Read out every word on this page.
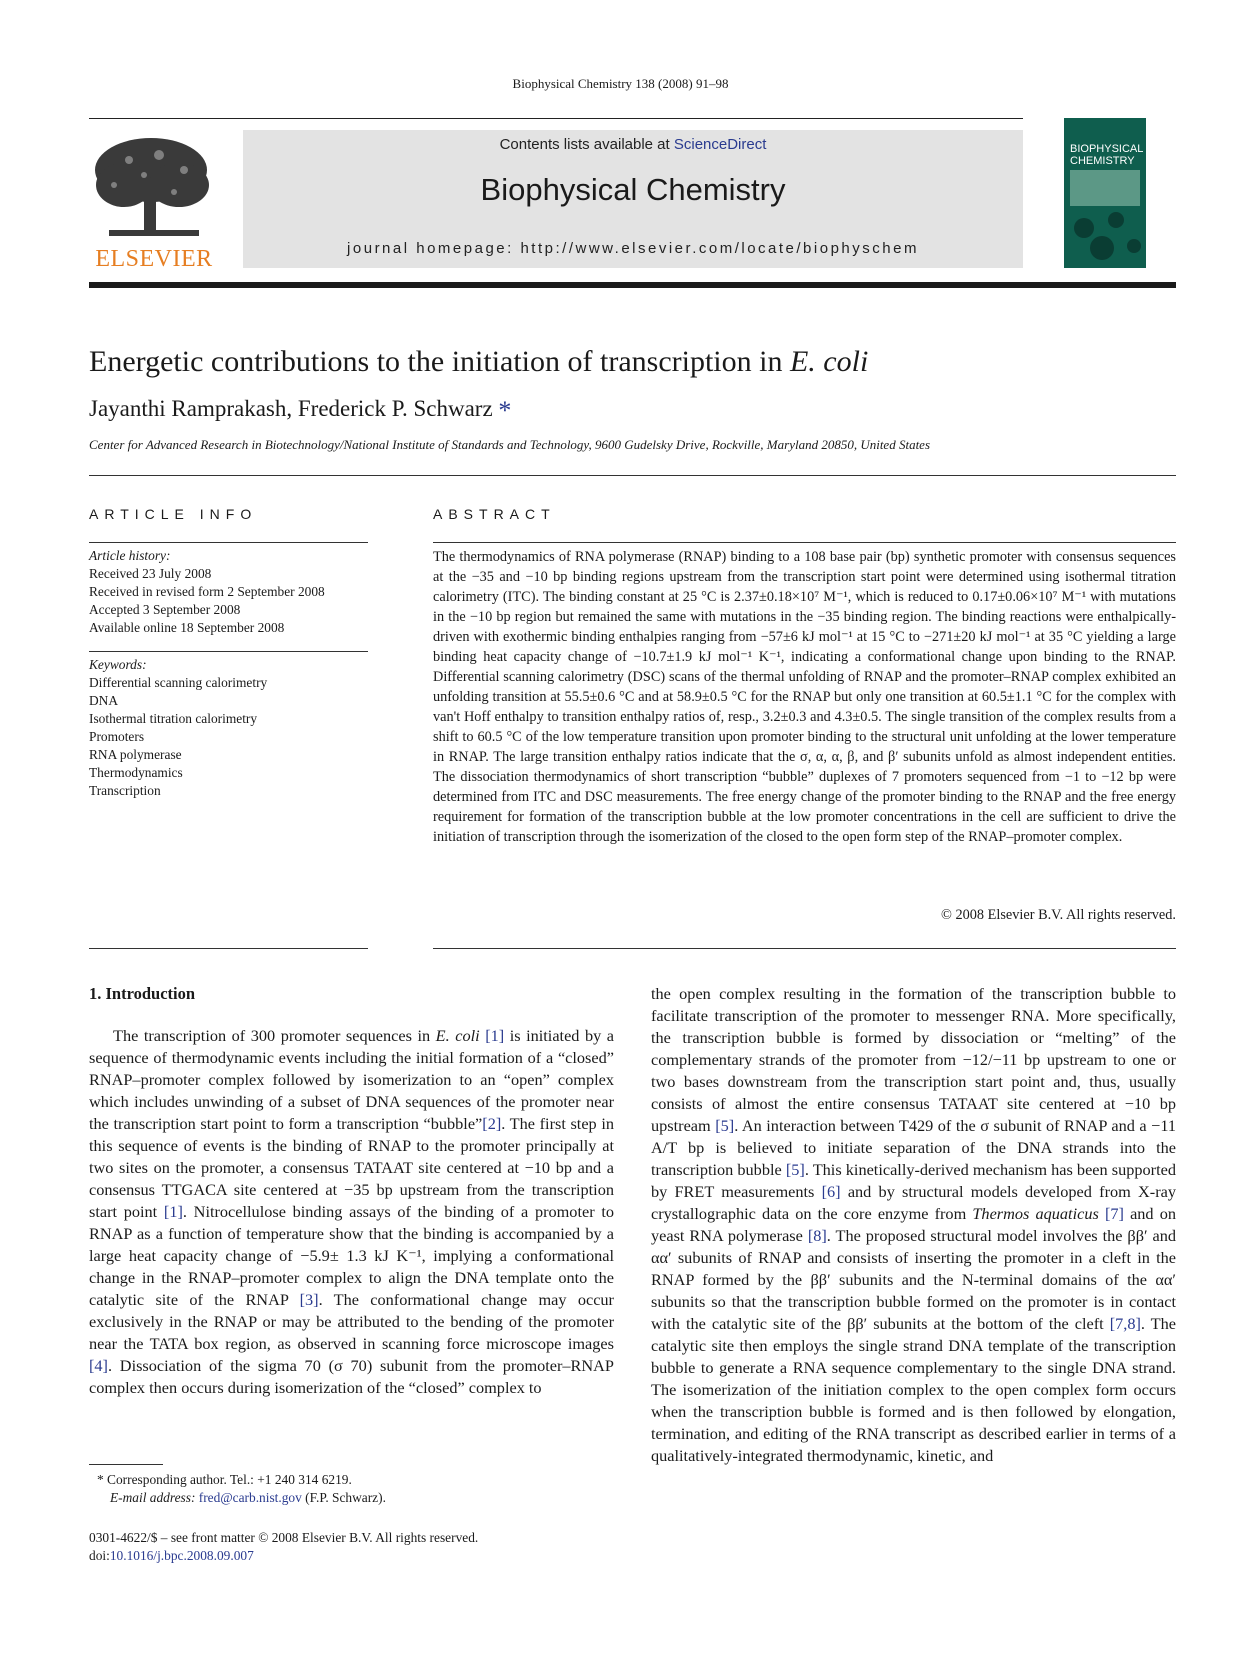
Biophysical Chemistry 138 (2008) 91–98
ELSEVIER
Contents lists available at ScienceDirect
Biophysical Chemistry
journal homepage: http://www.elsevier.com/locate/biophyschem
BIOPHYSICAL CHEMISTRY
Energetic contributions to the initiation of transcription in E. coli
Jayanthi Ramprakash, Frederick P. Schwarz *
Center for Advanced Research in Biotechnology/National Institute of Standards and Technology, 9600 Gudelsky Drive, Rockville, Maryland 20850, United States
ARTICLE INFO	ABSTRACT
Article history:
Received 23 July 2008
Received in revised form 2 September 2008
Accepted 3 September 2008
Available online 18 September 2008
Keywords:
Differential scanning calorimetry
DNA
Isothermal titration calorimetry
Promoters
RNA polymerase
Thermodynamics
Transcription
The thermodynamics of RNA polymerase (RNAP) binding to a 108 base pair (bp) synthetic promoter with consensus sequences at the −35 and −10 bp binding regions upstream from the transcription start point were determined using isothermal titration calorimetry (ITC). The binding constant at 25 °C is 2.37±0.18×10⁷ M⁻¹, which is reduced to 0.17±0.06×10⁷ M⁻¹ with mutations in the −10 bp region but remained the same with mutations in the −35 binding region. The binding reactions were enthalpically-driven with exothermic binding enthalpies ranging from −57±6 kJ mol⁻¹ at 15 °C to −271±20 kJ mol⁻¹ at 35 °C yielding a large binding heat capacity change of −10.7±1.9 kJ mol⁻¹ K⁻¹, indicating a conformational change upon binding to the RNAP. Differential scanning calorimetry (DSC) scans of the thermal unfolding of RNAP and the promoter–RNAP complex exhibited an unfolding transition at 55.5±0.6 °C and at 58.9±0.5 °C for the RNAP but only one transition at 60.5±1.1 °C for the complex with van't Hoff enthalpy to transition enthalpy ratios of, resp., 3.2±0.3 and 4.3±0.5. The single transition of the complex results from a shift to 60.5 °C of the low temperature transition upon promoter binding to the structural unit unfolding at the lower temperature in RNAP. The large transition enthalpy ratios indicate that the σ, α, α, β, and β′ subunits unfold as almost independent entities. The dissociation thermodynamics of short transcription “bubble” duplexes of 7 promoters sequenced from −1 to −12 bp were determined from ITC and DSC measurements. The free energy change of the promoter binding to the RNAP and the free energy requirement for formation of the transcription bubble at the low promoter concentrations in the cell are sufficient to drive the initiation of transcription through the isomerization of the closed to the open form step of the RNAP–promoter complex.
© 2008 Elsevier B.V. All rights reserved.
1. Introduction

The transcription of 300 promoter sequences in E. coli [1] is initiated by a sequence of thermodynamic events including the initial formation of a “closed” RNAP–promoter complex followed by isomerization to an “open” complex which includes unwinding of a subset of DNA sequences of the promoter near the transcription start point to form a transcription “bubble”[2]. The first step in this sequence of events is the binding of RNAP to the promoter principally at two sites on the promoter, a consensus TATAAT site centered at −10 bp and a consensus TTGACA site centered at −35 bp upstream from the transcription start point [1]. Nitrocellulose binding assays of the binding of a promoter to RNAP as a function of temperature show that the binding is accompanied by a large heat capacity change of −5.9± 1.3 kJ K⁻¹, implying a conformational change in the RNAP–promoter complex to align the DNA template onto the catalytic site of the RNAP [3]. The conformational change may occur exclusively in the RNAP or may be attributed to the bending of the promoter near the TATA box region, as observed in scanning force microscope images [4]. Dissociation of the sigma 70 (σ 70) subunit from the promoter–RNAP complex then occurs during isomerization of the “closed” complex to

the open complex resulting in the formation of the transcription bubble to facilitate transcription of the promoter to messenger RNA. More specifically, the transcription bubble is formed by dissociation or “melting” of the complementary strands of the promoter from −12/−11 bp upstream to one or two bases downstream from the transcription start point and, thus, usually consists of almost the entire consensus TATAAT site centered at −10 bp upstream [5]. An interaction between T429 of the σ subunit of RNAP and a −11 A/T bp is believed to initiate separation of the DNA strands into the transcription bubble [5]. This kinetically-derived mechanism has been supported by FRET measurements [6] and by structural models developed from X-ray crystallographic data on the core enzyme from Thermos aquaticus [7] and on yeast RNA polymerase [8]. The proposed structural model involves the ββ′ and αα′ subunits of RNAP and consists of inserting the promoter in a cleft in the RNAP formed by the ββ′ subunits and the N-terminal domains of the αα′ subunits so that the transcription bubble formed on the promoter is in contact with the catalytic site of the ββ′ subunits at the bottom of the cleft [7,8]. The catalytic site then employs the single strand DNA template of the transcription bubble to generate a RNA sequence complementary to the single DNA strand. The isomerization of the initiation complex to the open complex form occurs when the transcription bubble is formed and is then followed by elongation, termination, and editing of the RNA transcript as described earlier in terms of a qualitatively-integrated thermodynamic, kinetic, and

* Corresponding author. Tel.: +1 240 314 6219.
E-mail address: fred@carb.nist.gov (F.P. Schwarz).
0301-4622/$ – see front matter © 2008 Elsevier B.V. All rights reserved.
doi:10.1016/j.bpc.2008.09.007
